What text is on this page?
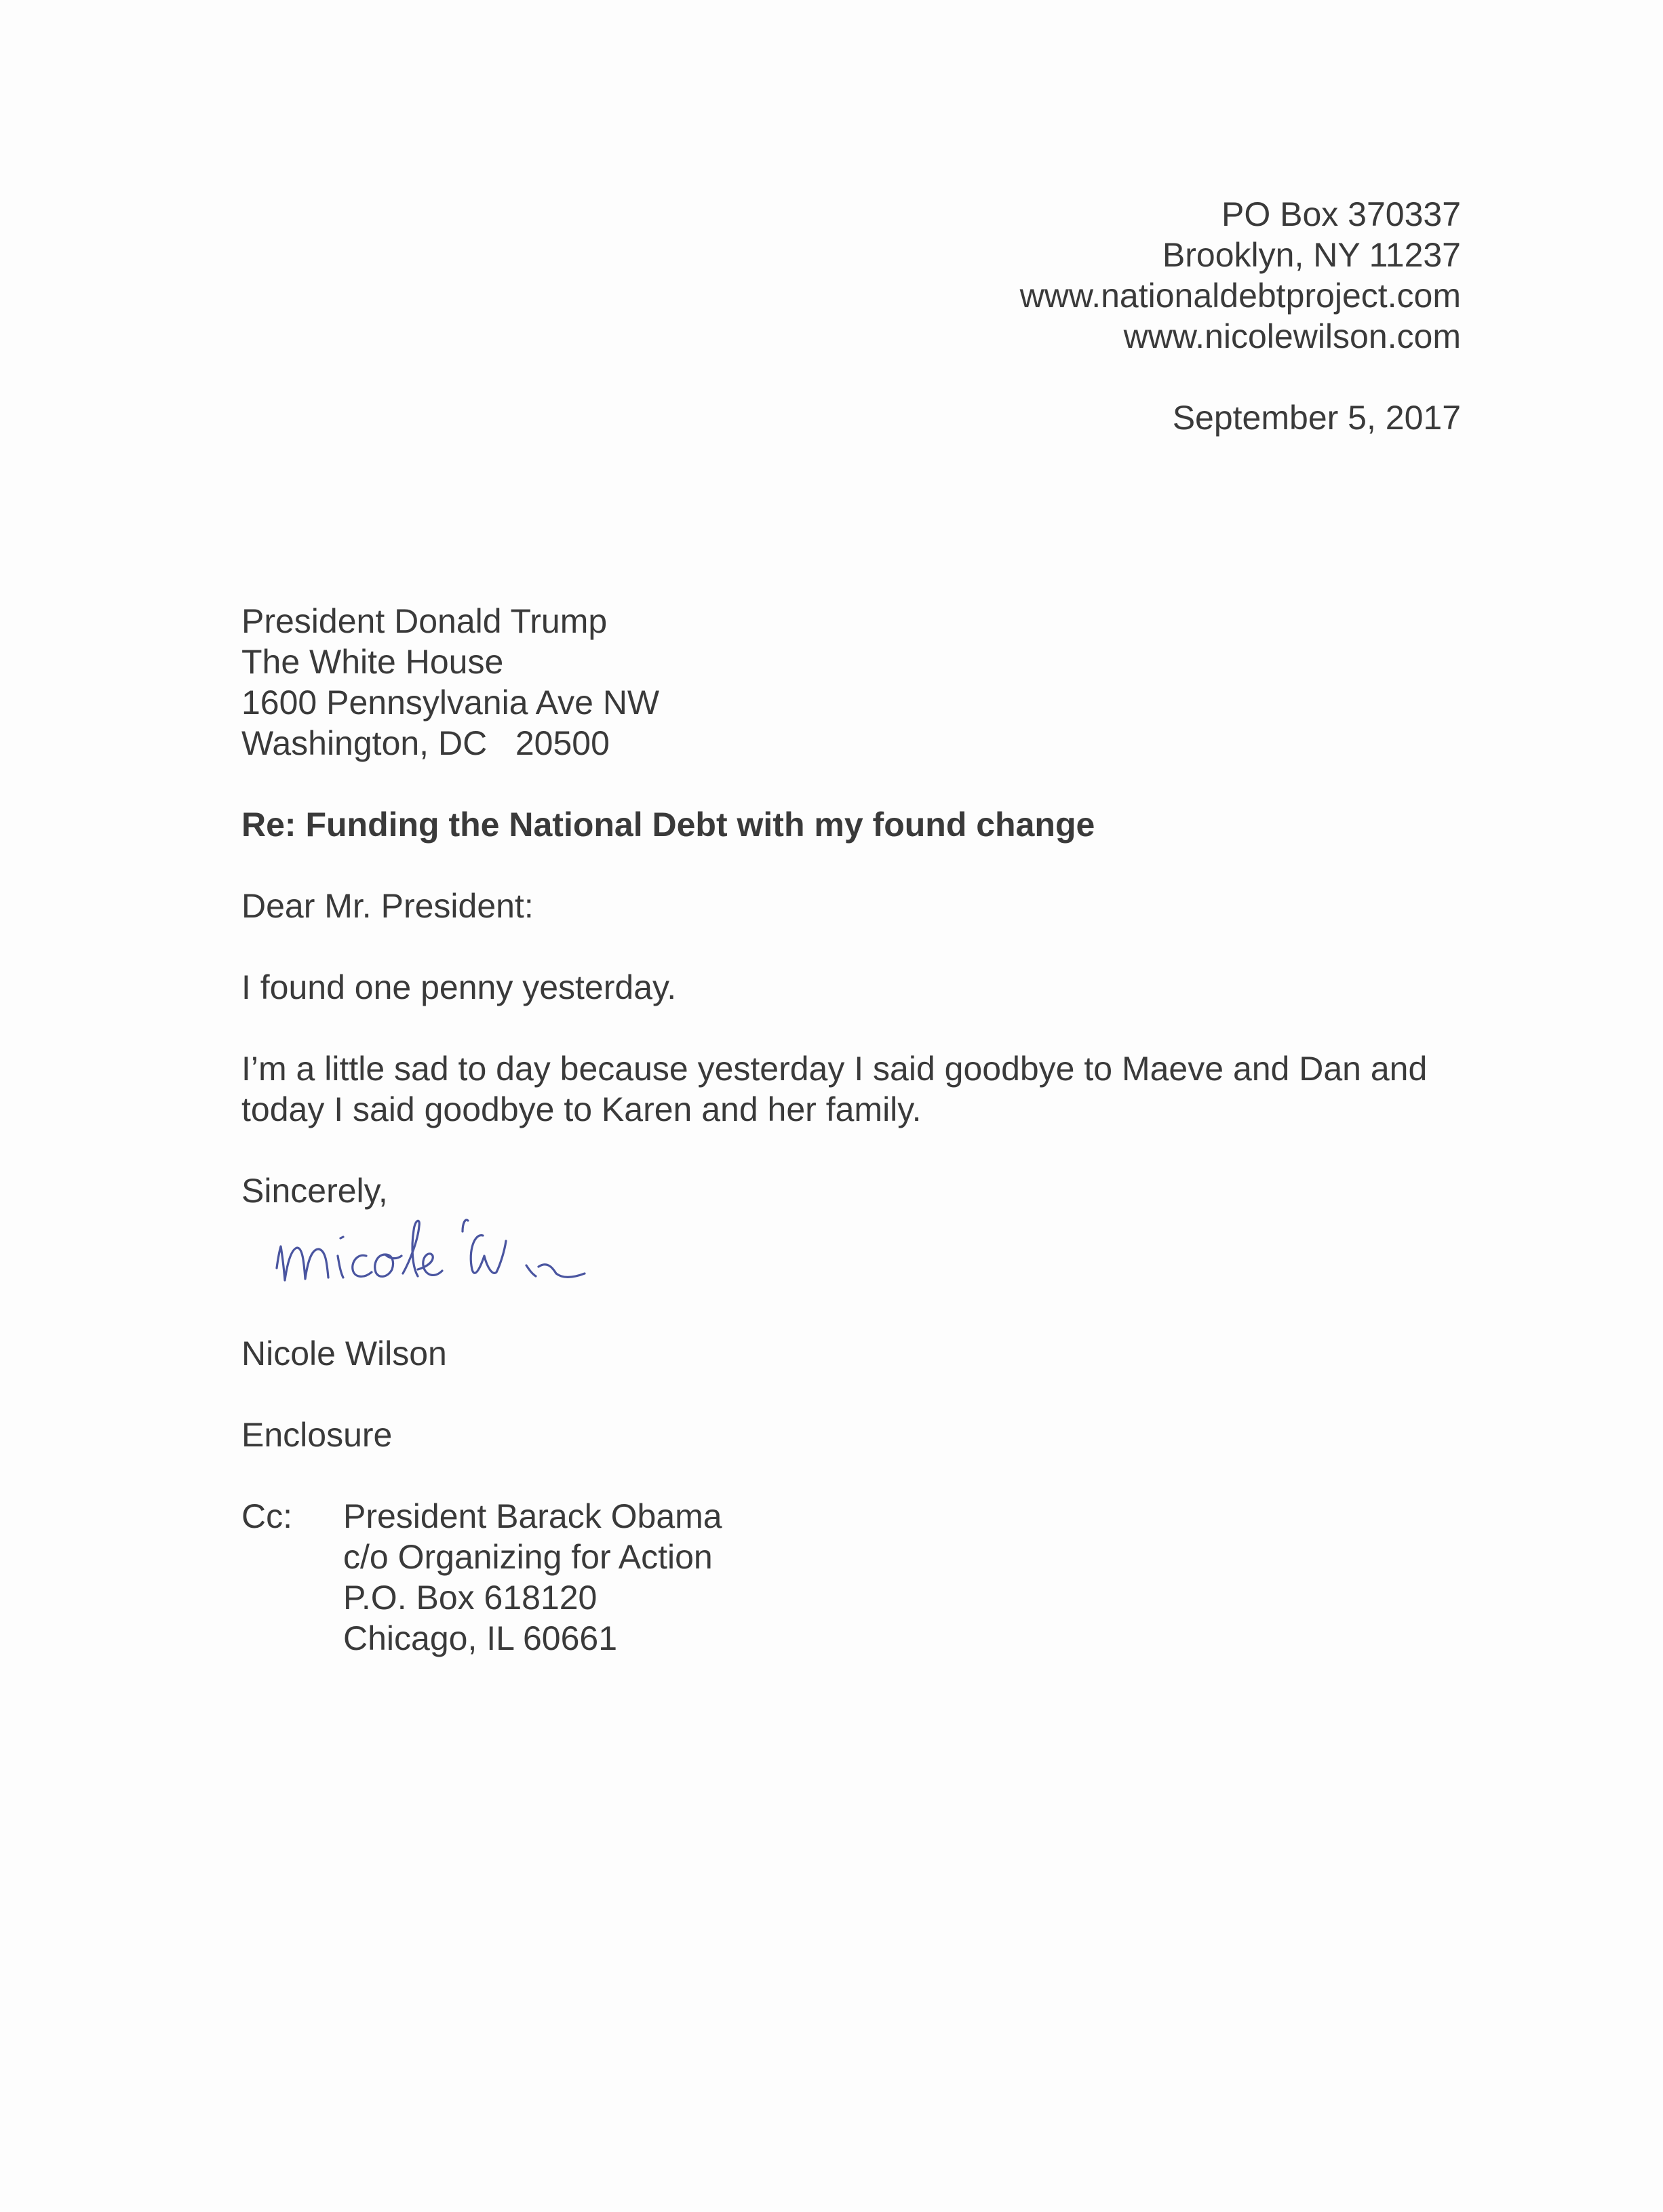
PO Box 370337
Brooklyn, NY 11237
www.nationaldebtproject.com
www.nicolewilson.com
September 5, 2017
President Donald Trump
The White House
1600 Pennsylvania Ave NW
Washington, DC   20500
Re: Funding the National Debt with my found change
Dear Mr. President:
I found one penny yesterday.
I’m a little sad to day because yesterday I said goodbye to Maeve and Dan and
today I said goodbye to Karen and her family.
Sincerely,
Nicole Wilson
Enclosure
Cc: President Barack Obama
c/o Organizing for Action
P.O. Box 618120
Chicago, IL 60661
